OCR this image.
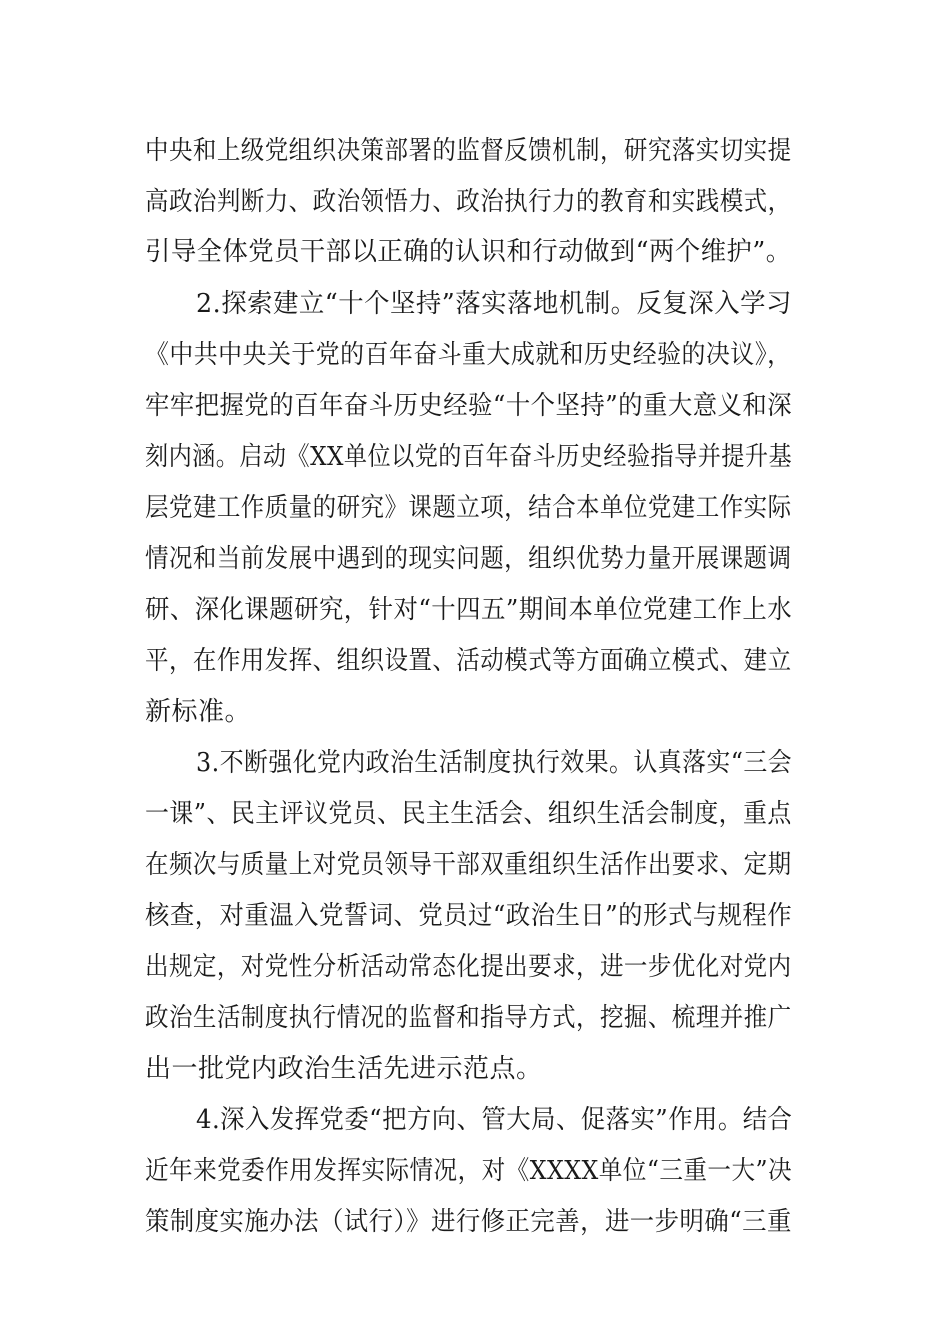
中央和上级党组织决策部署的监督反馈机制，研究落实切实提
高政治判断力、政治领悟力、政治执行力的教育和实践模式，
引导全体党员干部以正确的认识和行动做到“两个维护”。
2.探索建立“十个坚持”落实落地机制。反复深入学习
《中共中央关于党的百年奋斗重大成就和历史经验的决议》，
牢牢把握党的百年奋斗历史经验“十个坚持”的重大意义和深
刻内涵。启动《XX单位以党的百年奋斗历史经验指导并提升基
层党建工作质量的研究》课题立项，结合本单位党建工作实际
情况和当前发展中遇到的现实问题，组织优势力量开展课题调
研、深化课题研究，针对“十四五”期间本单位党建工作上水
平，在作用发挥、组织设置、活动模式等方面确立模式、建立
新标准。
3.不断强化党内政治生活制度执行效果。认真落实“三会
一课”、民主评议党员、民主生活会、组织生活会制度，重点
在频次与质量上对党员领导干部双重组织生活作出要求、定期
核查，对重温入党誓词、党员过“政治生日”的形式与规程作
出规定，对党性分析活动常态化提出要求，进一步优化对党内
政治生活制度执行情况的监督和指导方式，挖掘、梳理并推广
出一批党内政治生活先进示范点。
4.深入发挥党委“把方向、管大局、促落实”作用。结合
近年来党委作用发挥实际情况，对《XXXX单位“三重一大”决
策制度实施办法（试行）》进行修正完善，进一步明确“三重
